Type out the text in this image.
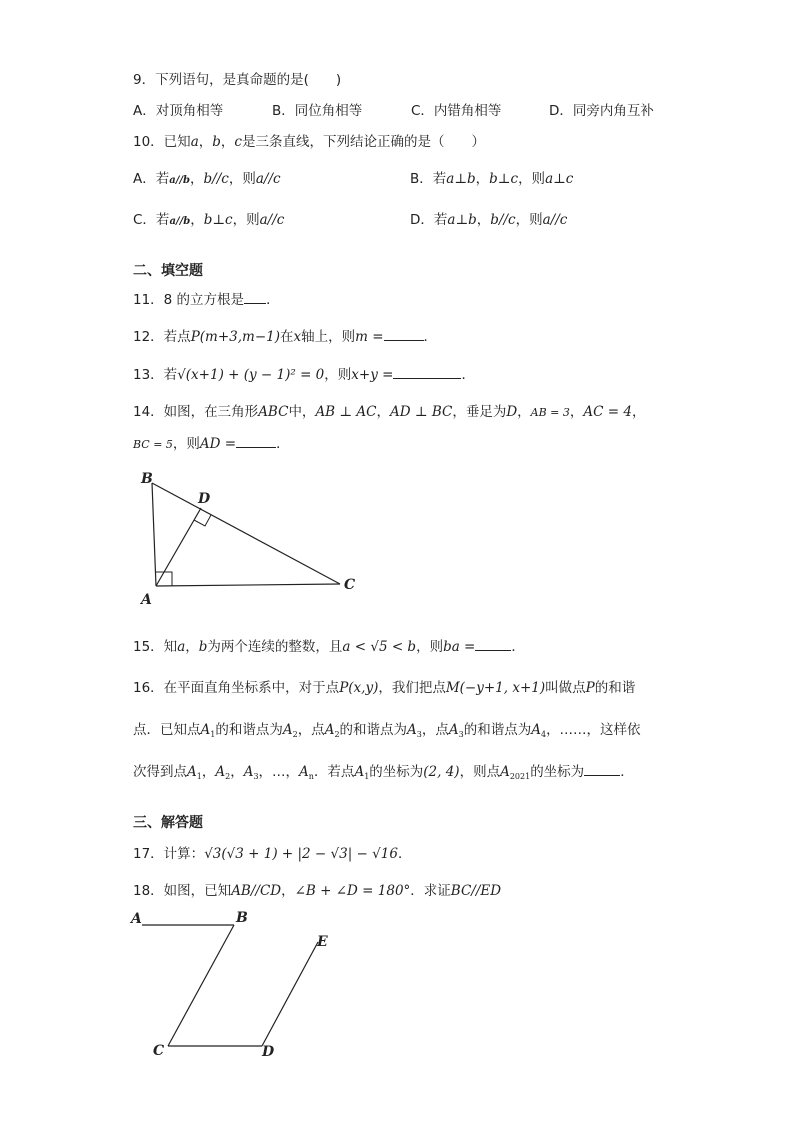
9．下列语句，是真命题的是(　　)
A．对顶角相等	B．同位角相等	C．内错角相等	D．同旁内角互补
10．已知a，b，c是三条直线，下列结论正确的是（　　）
A．若a//b，b//c，则a//c	B．若a⊥b，b⊥c，则a⊥c
C．若a//b，b⊥c，则a//c	D．若a⊥b，b//c，则a//c
二、填空题
11．8 的立方根是 ．
12．若点P(m+3,m−1)在x轴上，则m =	．
13．若√(x+1) + (y − 1)² = 0，则x+y =	．
14．如图，在三角形ABC中，AB ⊥ AC，AD ⊥ BC，垂足为D，AB = 3，AC = 4，
BC = 5，则AD =	．
B
D
A
C
15．知a，b为两个连续的整数，且a < √5 < b，则ba =	．
16．在平面直角坐标系中，对于点P(x,y)，我们把点M(−y+1, x+1)叫做点P的和谐
点．已知点$A_1$的和谐点为$A_2$，点$A_2$的和谐点为$A_3$，点$A_3$的和谐点为$A_4$，……，这样依
次得到点$A_1$，$A_2$，$A_3$，…，$A_n$．若点$A_1$的坐标为(2, 4)，则点$A_{2021}$的坐标为	．
三、解答题
17．计算：√3(√3 + 1) + |2 − √3| − √16．
18．如图，已知AB//CD，∠B + ∠D = 180°．求证BC//ED
A	B
C	D
E
